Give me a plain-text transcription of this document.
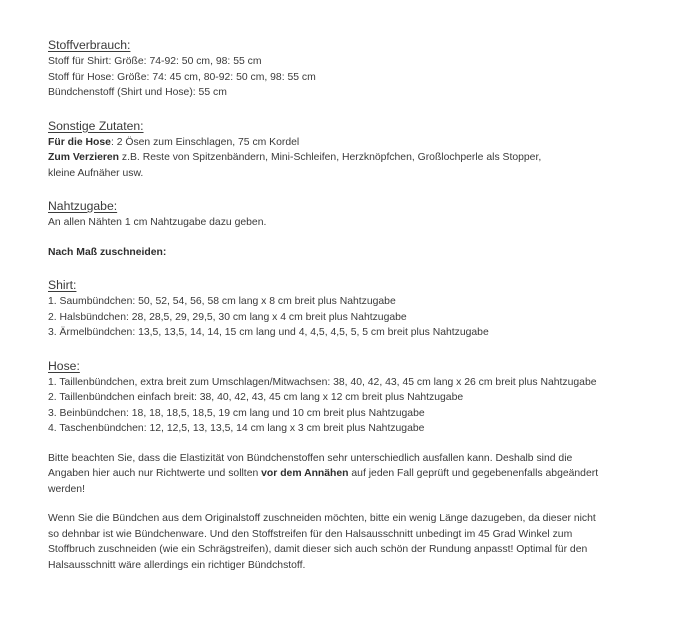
Stoffverbrauch:

Stoff für Shirt: Größe: 74-92: 50 cm, 98: 55 cm

Stoff für Hose: Größe: 74: 45 cm, 80-92: 50 cm, 98: 55 cm

Bündchenstoff (Shirt und Hose): 55 cm

Sonstige Zutaten:

Für die Hose: 2 Ösen zum Einschlagen, 75 cm Kordel

Zum Verzieren z.B. Reste von Spitzenbändern, Mini-Schleifen, Herzknöpfchen, Großlochperle als Stopper,

kleine Aufnäher usw.

Nahtzugabe:

An allen Nähten 1 cm Nahtzugabe dazu geben.

Nach Maß zuschneiden:

Shirt:

1. Saumbündchen: 50, 52, 54, 56, 58 cm lang x 8 cm breit plus Nahtzugabe

2. Halsbündchen: 28, 28,5, 29, 29,5, 30 cm lang x 4 cm breit plus Nahtzugabe

3. Ärmelbündchen: 13,5, 13,5, 14, 14, 15 cm lang und 4, 4,5, 4,5, 5, 5 cm breit plus Nahtzugabe

Hose:

1. Taillenbündchen, extra breit zum Umschlagen/Mitwachsen: 38, 40, 42, 43, 45 cm lang x 26 cm breit plus Nahtzugabe

2. Taillenbündchen einfach breit: 38, 40, 42, 43, 45 cm lang x 12 cm breit plus Nahtzugabe

3. Beinbündchen: 18, 18, 18,5, 18,5, 19 cm lang und 10 cm breit plus Nahtzugabe

4. Taschenbündchen: 12, 12,5, 13, 13,5, 14 cm lang x 3 cm breit plus Nahtzugabe

Bitte beachten Sie, dass die Elastizität von Bündchenstoffen sehr unterschiedlich ausfallen kann. Deshalb sind die

Angaben hier auch nur Richtwerte und sollten vor dem Annähen auf jeden Fall geprüft und gegebenenfalls abgeändert

werden!

Wenn Sie die Bündchen aus dem Originalstoff zuschneiden möchten, bitte ein wenig Länge dazugeben, da dieser nicht

so dehnbar ist wie Bündchenware. Und den Stoffstreifen für den Halsausschnitt unbedingt im 45 Grad Winkel zum

Stoffbruch zuschneiden (wie ein Schrägstreifen), damit dieser sich auch schön der Rundung anpasst! Optimal für den

Halsausschnitt wäre allerdings ein richtiger Bündchstoff.
